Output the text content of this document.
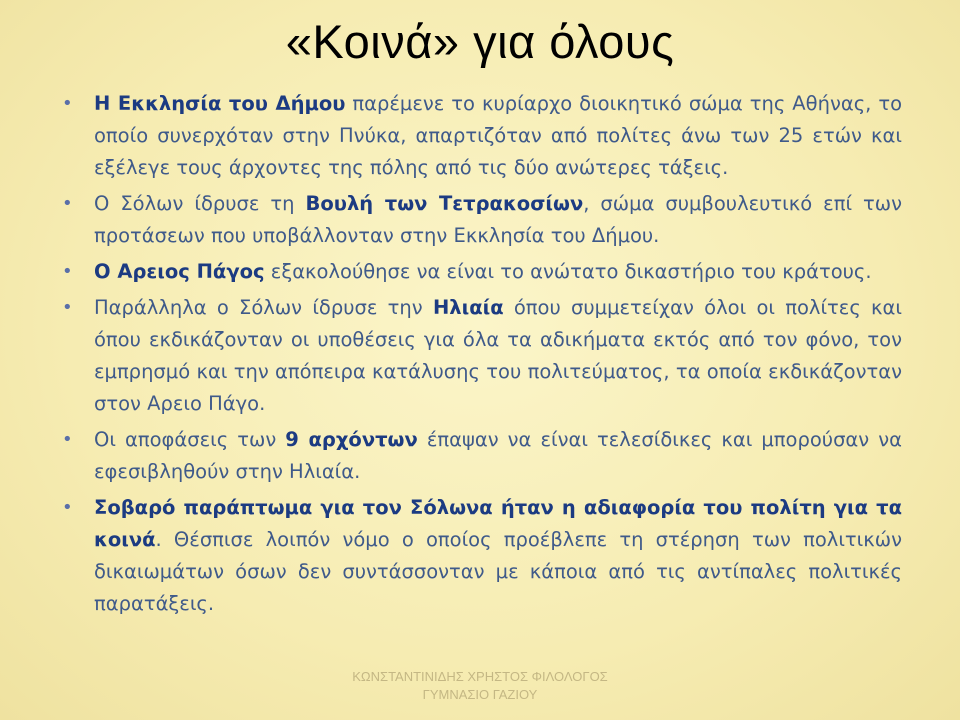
«Κοινά» για όλους
• Η Εκκλησία του Δήμου παρέμενε το κυρίαρχο διοικητικό σώμα της Αθήνας, το οποίο συνερχόταν στην Πνύκα, απαρτιζόταν από πολίτες άνω των 25 ετών και εξέλεγε τους άρχοντες της πόλης από τις δύο ανώτερες τάξεις.
• Ο Σόλων ίδρυσε τη Βουλή των Τετρακοσίων, σώμα συμβουλευτικό επί των προτάσεων που υποβάλλονταν στην Εκκλησία του Δήμου.
• Ο Αρειος Πάγος εξακολούθησε να είναι το ανώτατο δικαστήριο του κράτους.
• Παράλληλα ο Σόλων ίδρυσε την Ηλιαία όπου συμμετείχαν όλοι οι πολίτες και όπου εκδικάζονταν οι υποθέσεις για όλα τα αδικήματα εκτός από τον φόνο, τον εμπρησμό και την απόπειρα κατάλυσης του πολιτεύματος, τα οποία εκδικάζονταν στον Αρειο Πάγο.
• Οι αποφάσεις των 9 αρχόντων έπαψαν να είναι τελεσίδικες και μπορούσαν να εφεσιβληθούν στην Ηλιαία.
• Σοβαρό παράπτωμα για τον Σόλωνα ήταν η αδιαφορία του πολίτη για τα κοινά. Θέσπισε λοιπόν νόμο ο οποίος προέβλεπε τη στέρηση των πολιτικών δικαιωμάτων όσων δεν συντάσσονταν με κάποια από τις αντίπαλες πολιτικές παρατάξεις.
ΚΩΝΣΤΑΝΤΙΝΙΔΗΣ ΧΡΗΣΤΟΣ ΦΙΛΟΛΟΓΟΣ
ΓΥΜΝΑΣΙΟ ΓΑΖΙΟΥ
